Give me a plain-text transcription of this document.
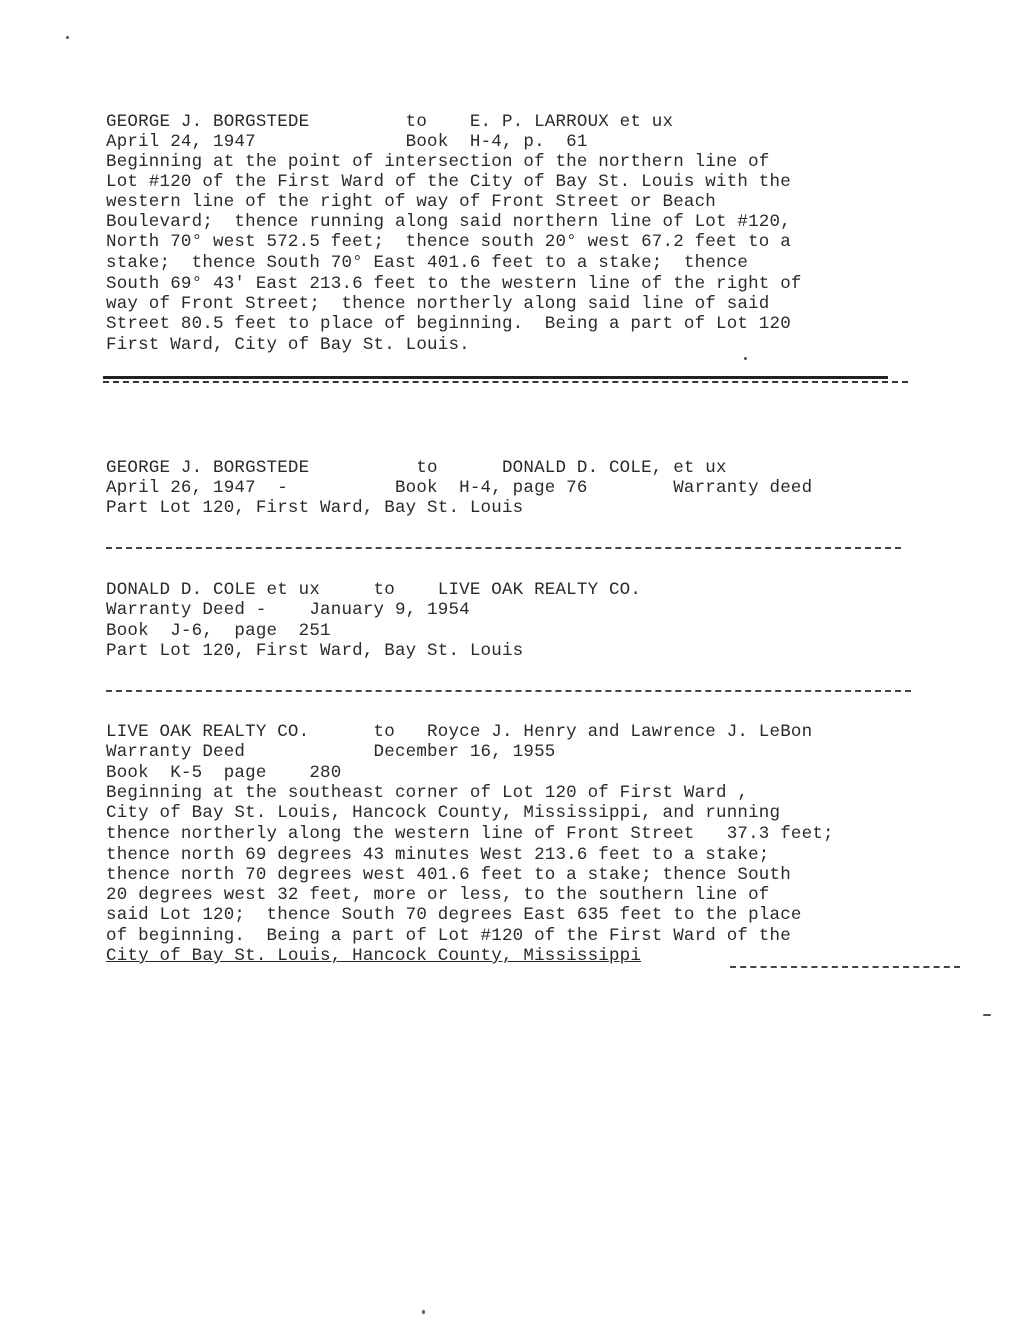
GEORGE J. BORGSTEDE         to    E. P. LARROUX et ux
April 24, 1947              Book  H-4, p.  61
Beginning at the point of intersection of the northern line of
Lot #120 of the First Ward of the City of Bay St. Louis with the
western line of the right of way of Front Street or Beach
Boulevard;  thence running along said northern line of Lot #120,
North 70° west 572.5 feet;  thence south 20° west 67.2 feet to a
stake;  thence South 70° East 401.6 feet to a stake;  thence
South 69° 43' East 213.6 feet to the western line of the right of
way of Front Street;  thence northerly along said line of said
Street 80.5 feet to place of beginning.  Being a part of Lot 120
First Ward, City of Bay St. Louis.
GEORGE J. BORGSTEDE          to      DONALD D. COLE, et ux
April 26, 1947  -          Book  H-4, page 76        Warranty deed
Part Lot 120, First Ward, Bay St. Louis
DONALD D. COLE et ux     to    LIVE OAK REALTY CO.
Warranty Deed -    January 9, 1954
Book  J-6,  page  251
Part Lot 120, First Ward, Bay St. Louis
LIVE OAK REALTY CO.      to   Royce J. Henry and Lawrence J. LeBon
Warranty Deed            December 16, 1955
Book  K-5  page    280
Beginning at the southeast corner of Lot 120 of First Ward ,
City of Bay St. Louis, Hancock County, Mississippi, and running
thence northerly along the western line of Front Street   37.3 feet;
thence north 69 degrees 43 minutes West 213.6 feet to a stake;
thence north 70 degrees west 401.6 feet to a stake; thence South
20 degrees west 32 feet, more or less, to the southern line of
said Lot 120;  thence South 70 degrees East 635 feet to the place
of beginning.  Being a part of Lot #120 of the First Ward of the
City of Bay St. Louis, Hancock County, Mississippi
